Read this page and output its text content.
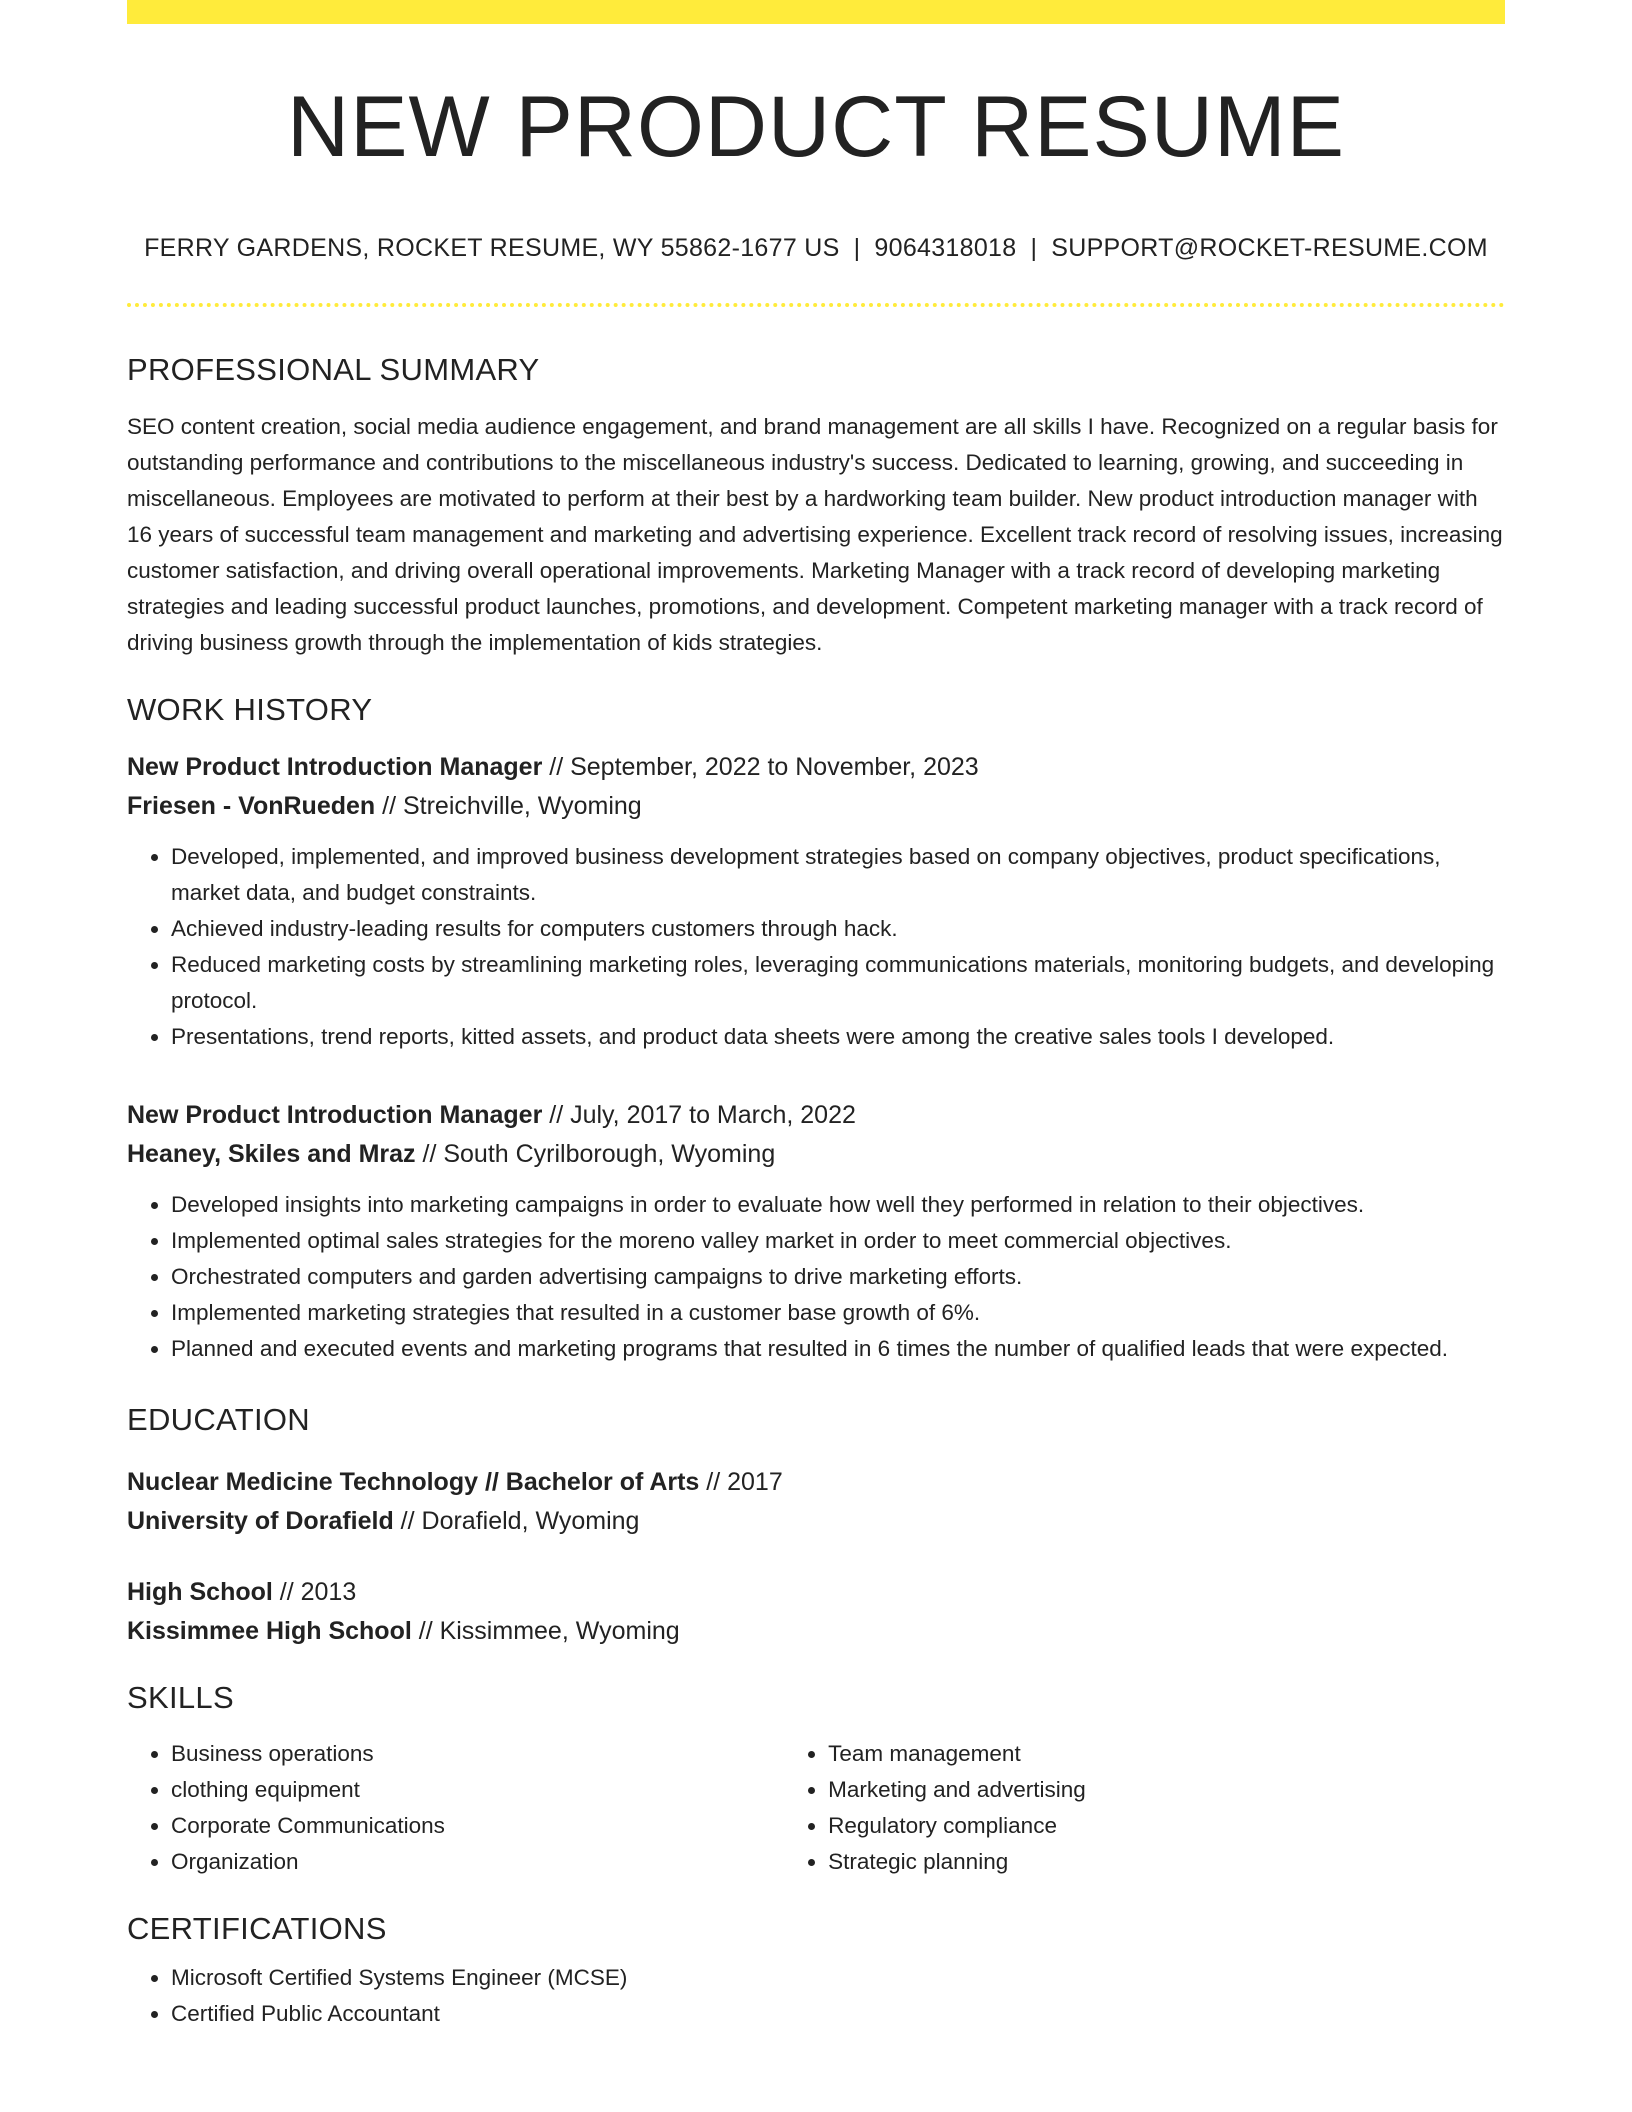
NEW PRODUCT RESUME
FERRY GARDENS, ROCKET RESUME, WY 55862-1677 US | 9064318018 | SUPPORT@ROCKET-RESUME.COM
PROFESSIONAL SUMMARY

SEO content creation, social media audience engagement, and brand management are all skills I have. Recognized on a regular basis for outstanding performance and contributions to the miscellaneous industry's success. Dedicated to learning, growing, and succeeding in miscellaneous. Employees are motivated to perform at their best by a hardworking team builder. New product introduction manager with 16 years of successful team management and marketing and advertising experience. Excellent track record of resolving issues, increasing customer satisfaction, and driving overall operational improvements. Marketing Manager with a track record of developing marketing strategies and leading successful product launches, promotions, and development. Competent marketing manager with a track record of driving business growth through the implementation of kids strategies.

WORK HISTORY
New Product Introduction Manager // September, 2022 to November, 2023
Friesen - VonRueden // Streichville, Wyoming
• Developed, implemented, and improved business development strategies based on company objectives, product specifications, market data, and budget constraints.
• Achieved industry-leading results for computers customers through hack.
• Reduced marketing costs by streamlining marketing roles, leveraging communications materials, monitoring budgets, and developing protocol.
• Presentations, trend reports, kitted assets, and product data sheets were among the creative sales tools I developed.
New Product Introduction Manager // July, 2017 to March, 2022
Heaney, Skiles and Mraz // South Cyrilborough, Wyoming
• Developed insights into marketing campaigns in order to evaluate how well they performed in relation to their objectives.
• Implemented optimal sales strategies for the moreno valley market in order to meet commercial objectives.
• Orchestrated computers and garden advertising campaigns to drive marketing efforts.
• Implemented marketing strategies that resulted in a customer base growth of 6%.
• Planned and executed events and marketing programs that resulted in 6 times the number of qualified leads that were expected.
EDUCATION
Nuclear Medicine Technology // Bachelor of Arts // 2017
University of Dorafield // Dorafield, Wyoming
High School // 2013
Kissimmee High School // Kissimmee, Wyoming
SKILLS
• Business operations
• clothing equipment
• Corporate Communications
• Organization
• Team management
• Marketing and advertising
• Regulatory compliance
• Strategic planning
CERTIFICATIONS
• Microsoft Certified Systems Engineer (MCSE)
• Certified Public Accountant
